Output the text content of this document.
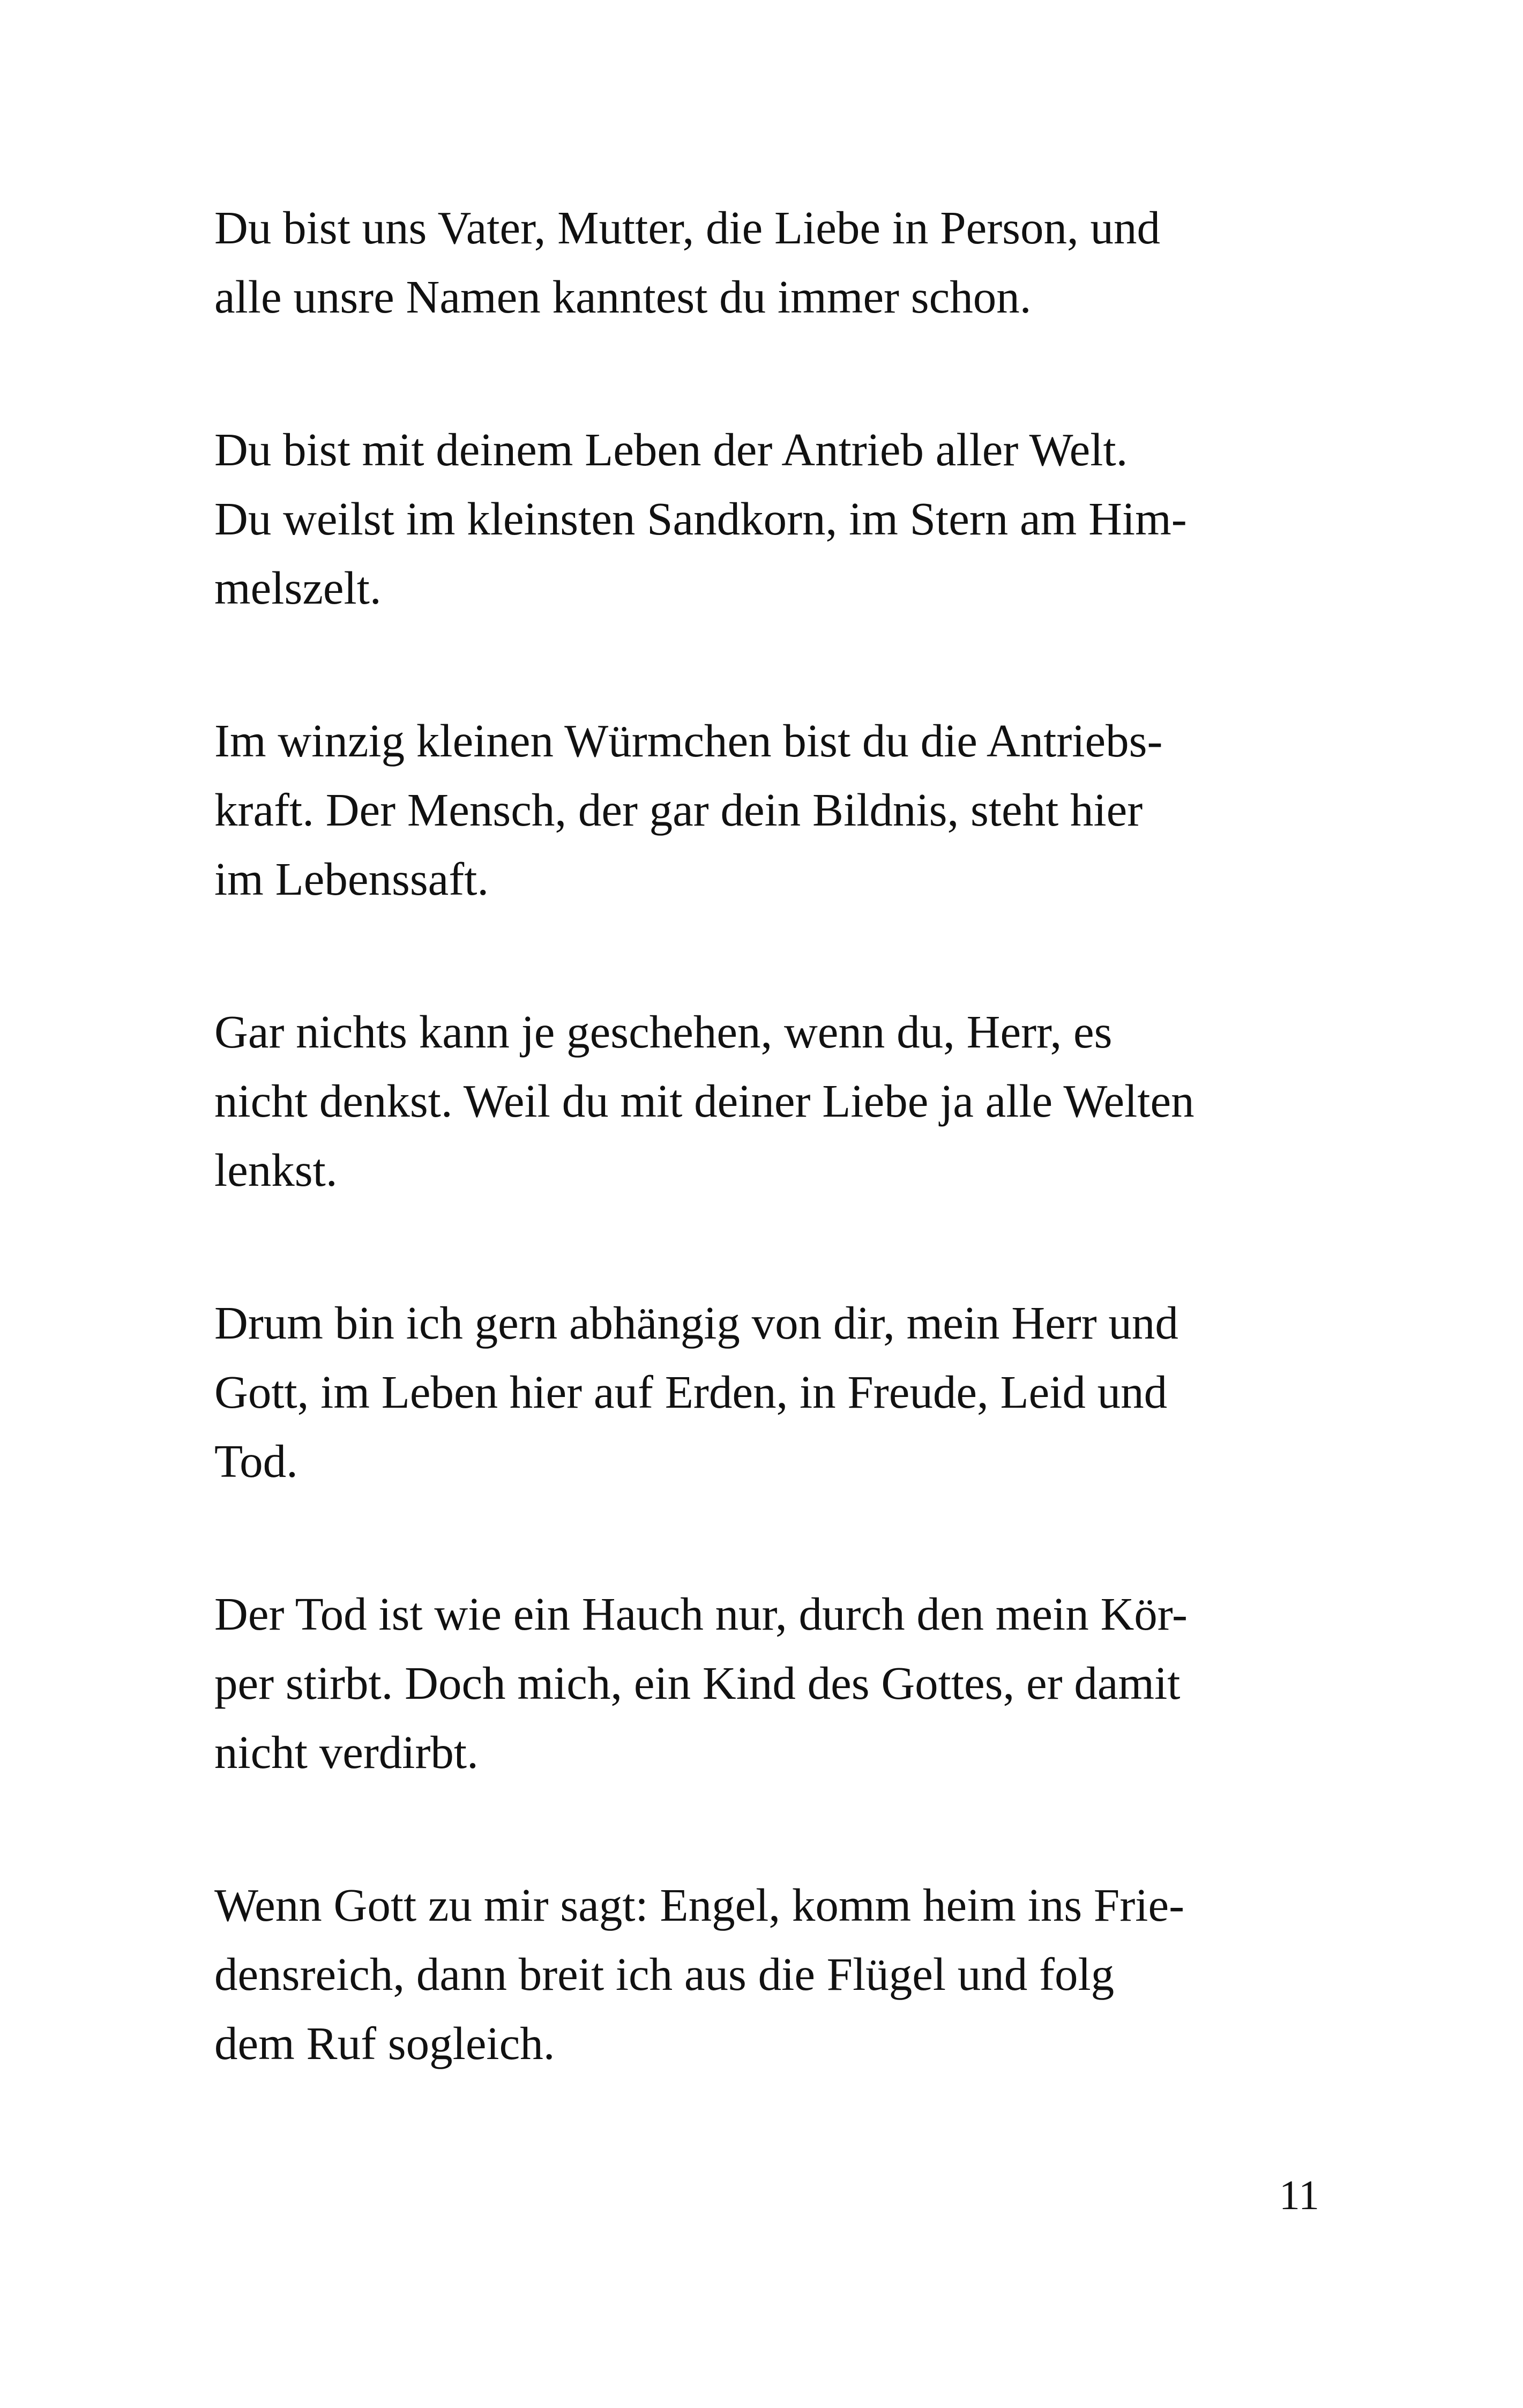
Du bist uns Vater, Mutter, die Liebe in Person, und
alle unsre Namen kanntest du immer schon.
Du bist mit deinem Leben der Antrieb aller Welt.
Du weilst im kleinsten Sandkorn, im Stern am Him-
melszelt.
Im winzig kleinen Würmchen bist du die Antriebs-
kraft. Der Mensch, der gar dein Bildnis, steht hier
im Lebenssaft.
Gar nichts kann je geschehen, wenn du, Herr, es
nicht denkst. Weil du mit deiner Liebe ja alle Welten
lenkst.
Drum bin ich gern abhängig von dir, mein Herr und
Gott, im Leben hier auf Erden, in Freude, Leid und
Tod.
Der Tod ist wie ein Hauch nur, durch den mein Kör-
per stirbt. Doch mich, ein Kind des Gottes, er damit
nicht verdirbt.
Wenn Gott zu mir sagt: Engel, komm heim ins Frie-
densreich, dann breit ich aus die Flügel und folg
dem Ruf sogleich.
11
